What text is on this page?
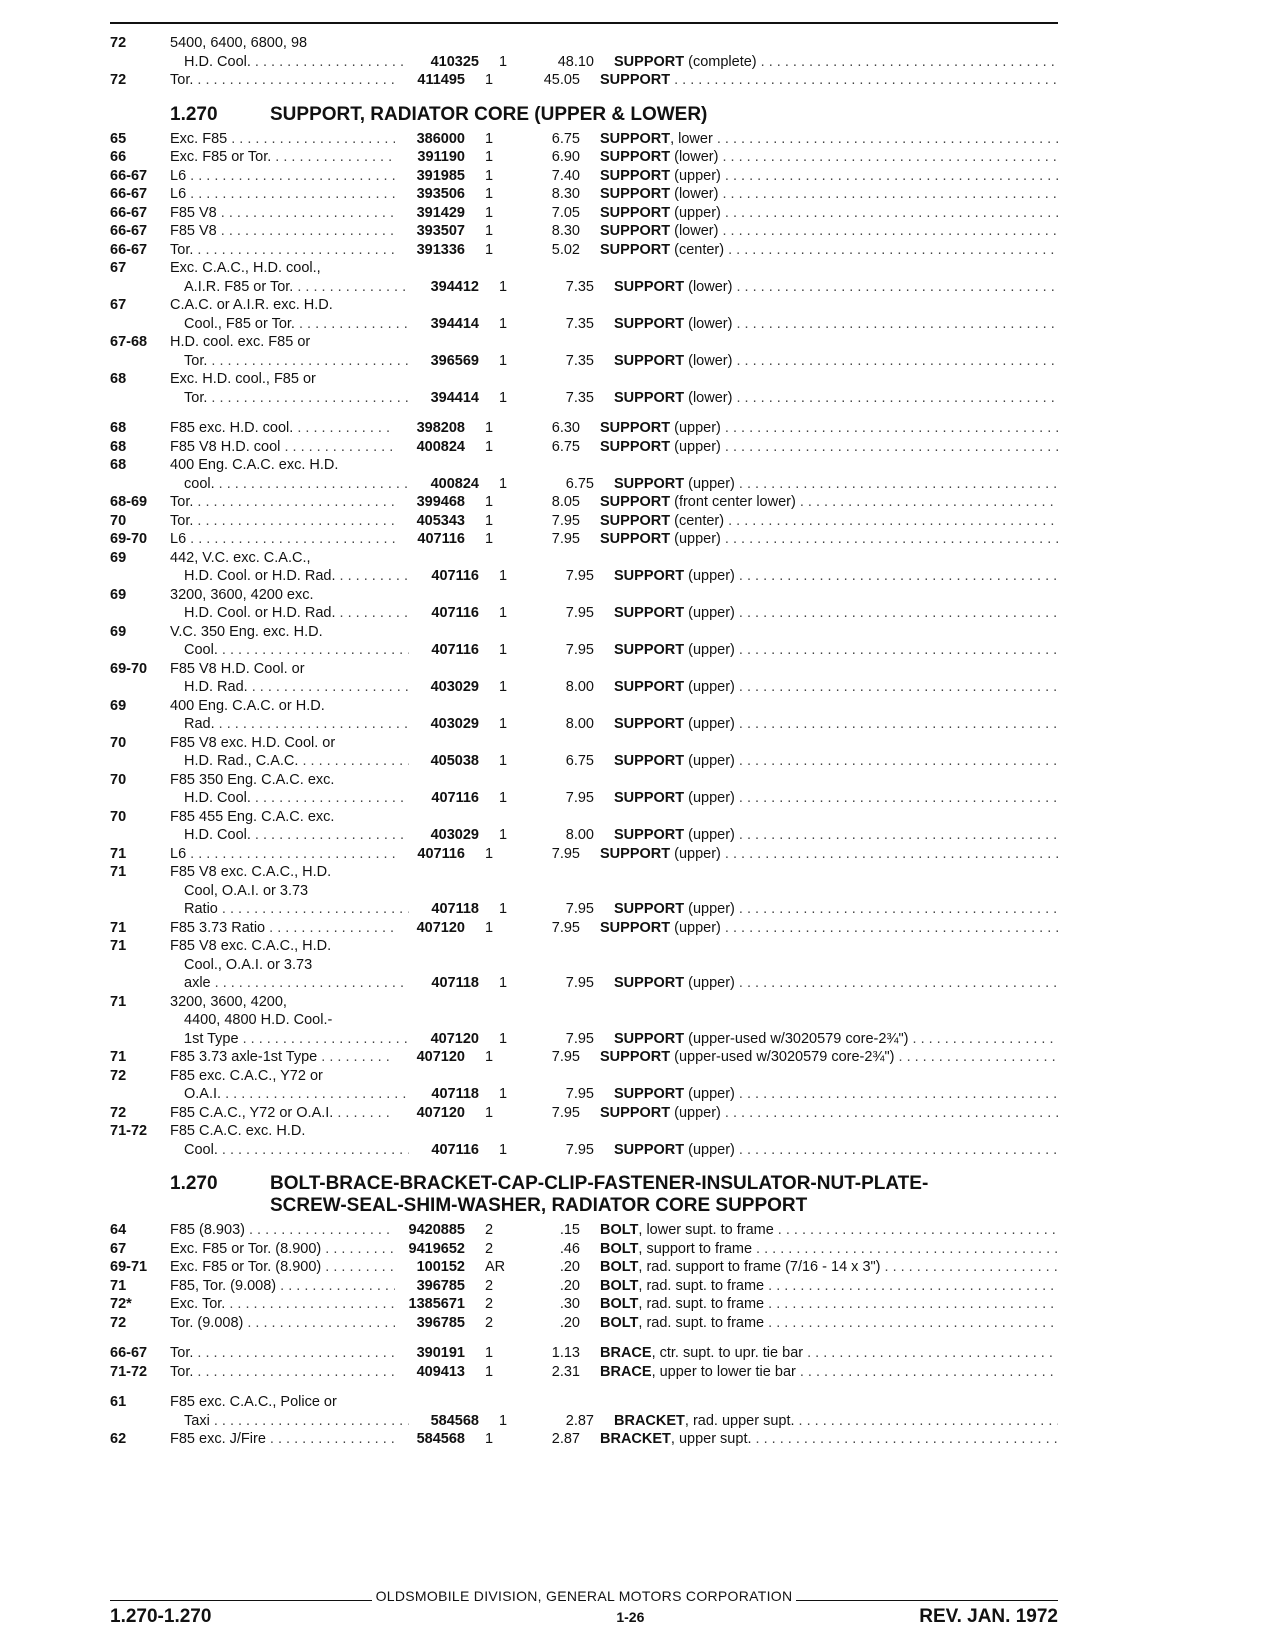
72	5400, 6400, 6800, 98
H.D. Cool. . . .	410325	1	48.10	SUPPORT (complete) . . .
72	Tor. . . .	411495	1	45.05	SUPPORT . . .
1.270	SUPPORT, RADIATOR CORE (UPPER & LOWER)
65	Exc. F85 . . .	386000	1	6.75	SUPPORT, lower . . .
66	Exc. F85 or Tor. . . .	391190	1	6.90	SUPPORT (lower) . . .
66-67	L6 . . .	391985	1	7.40	SUPPORT (upper) . . .
66-67	L6 . . .	393506	1	8.30	SUPPORT (lower) . . .
66-67	F85 V8 . . .	391429	1	7.05	SUPPORT (upper) . . .
66-67	F85 V8 . . .	393507	1	8.30	SUPPORT (lower) . . .
66-67	Tor. . . .	391336	1	5.02	SUPPORT (center) . . .
67	Exc. C.A.C., H.D. cool.,
A.I.R. F85 or Tor. . . .	394412	1	7.35	SUPPORT (lower) . . .
67	C.A.C. or A.I.R. exc. H.D.
Cool., F85 or Tor. . . .	394414	1	7.35	SUPPORT (lower) . . .
67-68	H.D. cool. exc. F85 or
Tor. . . .	396569	1	7.35	SUPPORT (lower) . . .
68	Exc. H.D. cool., F85 or
Tor. . . .	394414	1	7.35	SUPPORT (lower) . . .
68	F85 exc. H.D. cool. . . .	398208	1	6.30	SUPPORT (upper) . . .
68	F85 V8 H.D. cool . . .	400824	1	6.75	SUPPORT (upper) . . .
68	400 Eng. C.A.C. exc. H.D.
cool. . . .	400824	1	6.75	SUPPORT (upper) . . .
68-69	Tor. . . .	399468	1	8.05	SUPPORT (front center lower) . . .
70	Tor. . . .	405343	1	7.95	SUPPORT (center) . . .
69-70	L6 . . .	407116	1	7.95	SUPPORT (upper) . . .
69	442, V.C. exc. C.A.C.,
H.D. Cool. or H.D. Rad. . . .	407116	1	7.95	SUPPORT (upper) . . .
69	3200, 3600, 4200 exc.
H.D. Cool. or H.D. Rad. . . .	407116	1	7.95	SUPPORT (upper) . . .
69	V.C. 350 Eng. exc. H.D.
Cool. . . .	407116	1	7.95	SUPPORT (upper) . . .
69-70	F85 V8 H.D. Cool. or
H.D. Rad. . . .	403029	1	8.00	SUPPORT (upper) . . .
69	400 Eng. C.A.C. or H.D.
Rad. . . .	403029	1	8.00	SUPPORT (upper) . . .
70	F85 V8 exc. H.D. Cool. or
H.D. Rad., C.A.C. . . .	405038	1	6.75	SUPPORT (upper) . . .
70	F85 350 Eng. C.A.C. exc.
H.D. Cool. . . .	407116	1	7.95	SUPPORT (upper) . . .
70	F85 455 Eng. C.A.C. exc.
H.D. Cool. . . .	403029	1	8.00	SUPPORT (upper) . . .
71	L6 . . .	407116	1	7.95	SUPPORT (upper) . . .
71	F85 V8 exc. C.A.C., H.D.
Cool, O.A.I. or 3.73
Ratio . . .	407118	1	7.95	SUPPORT (upper) . . .
71	F85 3.73 Ratio . . .	407120	1	7.95	SUPPORT (upper) . . .
71	F85 V8 exc. C.A.C., H.D.
Cool., O.A.I. or 3.73
axle . . .	407118	1	7.95	SUPPORT (upper) . . .
71	3200, 3600, 4200,
4400, 4800 H.D. Cool.-
1st Type . . .	407120	1	7.95	SUPPORT (upper-used w/3020579 core-2¾") . . .
71	F85 3.73 axle-1st Type . . .	407120	1	7.95	SUPPORT (upper-used w/3020579 core-2¾") . . .
72	F85 exc. C.A.C., Y72 or
O.A.I. . . .	407118	1	7.95	SUPPORT (upper) . . .
72	F85 C.A.C., Y72 or O.A.I. . . .	407120	1	7.95	SUPPORT (upper) . . .
71-72	F85 C.A.C. exc. H.D.
Cool. . . .	407116	1	7.95	SUPPORT (upper) . . .
1.270	BOLT-BRACE-BRACKET-CAP-CLIP-FASTENER-INSULATOR-NUT-PLATE-
SCREW-SEAL-SHIM-WASHER, RADIATOR CORE SUPPORT
64	F85 (8.903) . . .	9420885	2	.15	BOLT, lower supt. to frame . . .
67	Exc. F85 or Tor. (8.900) . . .	9419652	2	.46	BOLT, support to frame . . .
69-71	Exc. F85 or Tor. (8.900) . . .	100152	AR	.20	BOLT, rad. support to frame (7/16 - 14 x 3") . . .
71	F85, Tor. (9.008) . . .	396785	2	.20	BOLT, rad. supt. to frame . . .
72*	Exc. Tor. . . .	1385671	2	.30	BOLT, rad. supt. to frame . . .
72	Tor. (9.008) . . .	396785	2	.20	BOLT, rad. supt. to frame . . .
66-67	Tor. . . .	390191	1	1.13	BRACE, ctr. supt. to upr. tie bar . . .
71-72	Tor. . . .	409413	1	2.31	BRACE, upper to lower tie bar . . .
61	F85 exc. C.A.C., Police or
Taxi . . .	584568	1	2.87	BRACKET, rad. upper supt. . . .
62	F85 exc. J/Fire . . .	584568	1	2.87	BRACKET, upper supt. . . .
OLDSMOBILE DIVISION, GENERAL MOTORS CORPORATION
1.270-1.270	1-26	REV. JAN. 1972
